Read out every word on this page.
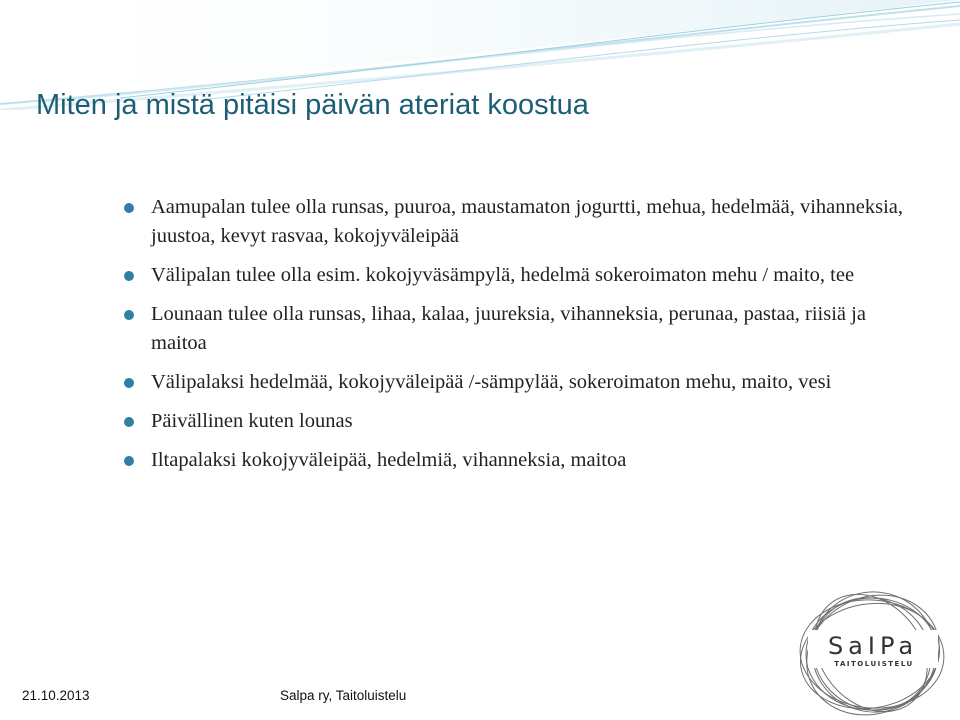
Miten ja mistä pitäisi päivän ateriat koostua
Aamupalan tulee olla runsas, puuroa, maustamaton jogurtti, mehua, hedelmää, vihanneksia, juustoa, kevyt rasvaa, kokojyväleipää
Välipalan tulee olla esim. kokojyväsämpylä, hedelmä sokeroimaton mehu / maito, tee
Lounaan tulee olla runsas, lihaa, kalaa, juureksia, vihanneksia, perunaa, pastaa, riisiä ja maitoa
Välipalaksi hedelmää, kokojyväleipää /-sämpylää, sokeroimaton mehu, maito, vesi
Päivällinen kuten lounas
Iltapalaksi kokojyväleipää, hedelmiä, vihanneksia, maitoa
21.10.2013	Salpa ry, Taitoluistelu
SaIPa
TAITOLUISTELU
